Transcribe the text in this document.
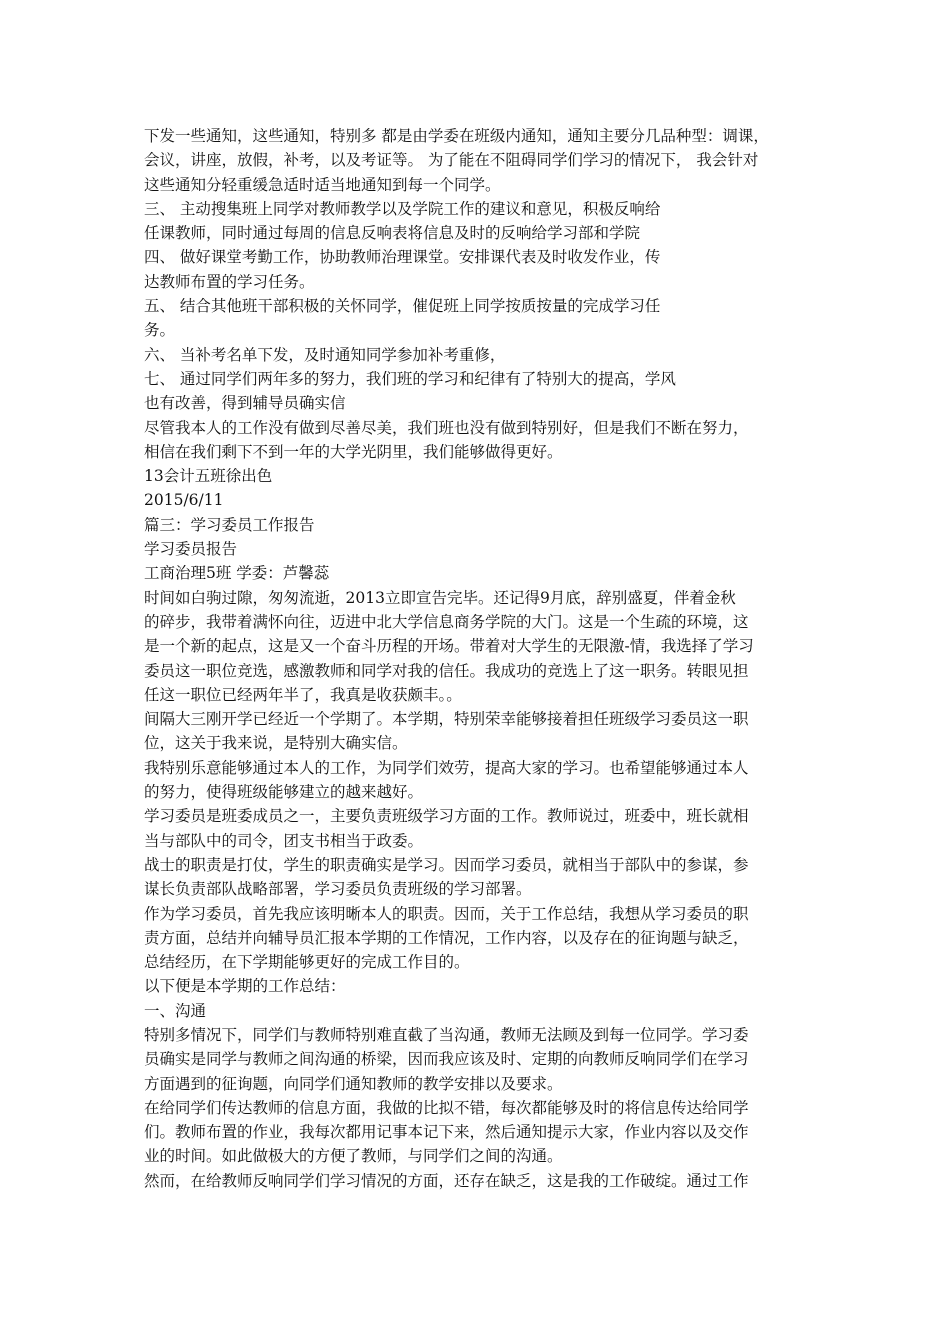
下发一些通知，这些通知，特别多 都是由学委在班级内通知，通知主要分几品种型：调课，

会议，讲座，放假，补考，以及考证等。 为了能在不阻碍同学们学习的情况下， 我会针对

这些通知分轻重缓急适时适当地通知到每一个同学。

三、 主动搜集班上同学对教师教学以及学院工作的建议和意见，积极反响给

任课教师，同时通过每周的信息反响表将信息及时的反响给学习部和学院

四、 做好课堂考勤工作，协助教师治理课堂。安排课代表及时收发作业，传

达教师布置的学习任务。

五、 结合其他班干部积极的关怀同学，催促班上同学按质按量的完成学习任

务。

六、 当补考名单下发，及时通知同学参加补考重修，

七、 通过同学们两年多的努力，我们班的学习和纪律有了特别大的提高，学风

也有改善，得到辅导员确实信

尽管我本人的工作没有做到尽善尽美，我们班也没有做到特别好，但是我们不断在努力，

相信在我们剩下不到一年的大学光阴里，我们能够做得更好。

13会计五班徐出色

2015/6/11

篇三：学习委员工作报告

学习委员报告

工商治理5班 学委：芦馨蕊

时间如白驹过隙，匆匆流逝，2013立即宣告完毕。还记得9月底，辞别盛夏，伴着金秋

的碎步，我带着满怀向往，迈进中北大学信息商务学院的大门。这是一个生疏的环境，这

是一个新的起点，这是又一个奋斗历程的开场。带着对大学生的无限激-情，我选择了学习

委员这一职位竞选，感激教师和同学对我的信任。我成功的竞选上了这一职务。转眼见担

任这一职位已经两年半了，我真是收获颇丰。。

间隔大三刚开学已经近一个学期了。本学期，特别荣幸能够接着担任班级学习委员这一职

位，这关于我来说，是特别大确实信。

我特别乐意能够通过本人的工作，为同学们效劳，提高大家的学习。也希望能够通过本人

的努力，使得班级能够建立的越来越好。

学习委员是班委成员之一，主要负责班级学习方面的工作。教师说过，班委中，班长就相

当与部队中的司令，团支书相当于政委。

战士的职责是打仗，学生的职责确实是学习。因而学习委员，就相当于部队中的参谋，参

谋长负责部队战略部署，学习委员负责班级的学习部署。

作为学习委员，首先我应该明晰本人的职责。因而，关于工作总结，我想从学习委员的职

责方面，总结并向辅导员汇报本学期的工作情况，工作内容，以及存在的征询题与缺乏，

总结经历，在下学期能够更好的完成工作目的。

以下便是本学期的工作总结：

一、沟通

特别多情况下，同学们与教师特别难直截了当沟通，教师无法顾及到每一位同学。学习委

员确实是同学与教师之间沟通的桥梁，因而我应该及时、定期的向教师反响同学们在学习

方面遇到的征询题，向同学们通知教师的教学安排以及要求。

在给同学们传达教师的信息方面，我做的比拟不错，每次都能够及时的将信息传达给同学

们。教师布置的作业，我每次都用记事本记下来，然后通知提示大家，作业内容以及交作

业的时间。如此做极大的方便了教师，与同学们之间的沟通。

然而，在给教师反响同学们学习情况的方面，还存在缺乏，这是我的工作破绽。通过工作
